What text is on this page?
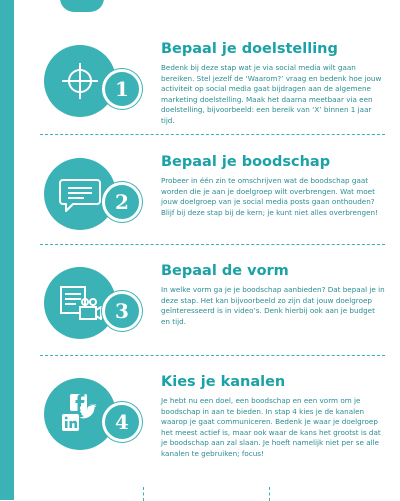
1
Bepaal je doelstelling
Bedenk bij deze stap wat je via social media wilt gaan bereiken. Stel jezelf de ‘Waarom?’ vraag en bedenk hoe jouw activiteit op social media gaat bijdragen aan de algemene marketing doelstelling. Maak het daarna meetbaar via een doelstelling, bijvoorbeeld: een bereik van ‘X’ binnen 1 jaar tijd.
2
Bepaal je boodschap
Probeer in één zin te omschrijven wat de boodschap gaat worden die je aan je doelgroep wilt overbrengen. Wat moet jouw doelgroep van je social media posts gaan onthouden? Blijf bij deze stap bij de kern; je kunt niet alles overbrengen!
3
Bepaal de vorm
In welke vorm ga je je boodschap aanbieden? Dat bepaal je in deze stap. Het kan bijvoorbeeld zo zijn dat jouw doelgroep geïnteresseerd is in video’s. Denk hierbij ook aan je budget en tijd.
4
Kies je kanalen
Je hebt nu een doel, een boodschap en een vorm om je boodschap in aan te bieden. In stap 4 kies je de kanalen waarop je gaat communiceren. Bedenk je waar je doelgroep het meest actief is, maar ook waar de kans het grootst is dat je boodschap aan zal slaan. Je hoeft namelijk niet per se alle kanalen te gebruiken; focus!
